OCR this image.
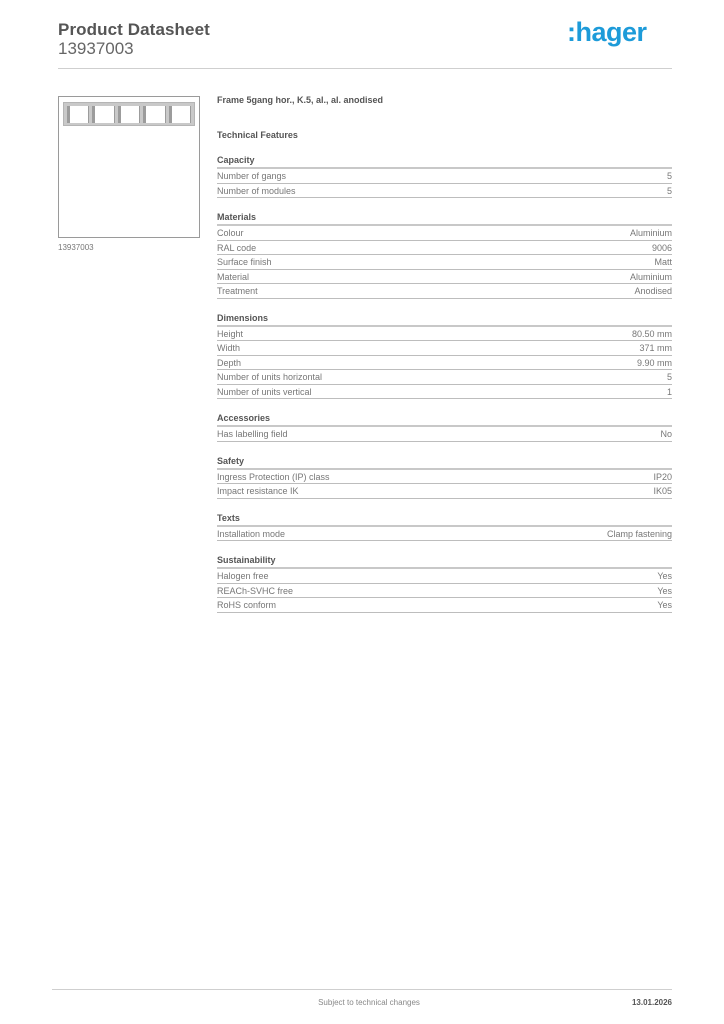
Product Datasheet
13937003
:hager
13937003
Frame 5gang hor., K.5, al., al. anodised
Technical Features
Capacity
Number of gangs	5
Number of modules	5
Materials
Colour	Aluminium
RAL code	9006
Surface finish	Matt
Material	Aluminium
Treatment	Anodised
Dimensions
Height	80.50 mm
Width	371 mm
Depth	9.90 mm
Number of units horizontal	5
Number of units vertical	1
Accessories
Has labelling field	No
Safety
Ingress Protection (IP) class	IP20
Impact resistance IK	IK05
Texts
Installation mode	Clamp fastening
Sustainability
Halogen free	Yes
REACh-SVHC free	Yes
RoHS conform	Yes
Subject to technical changes	13.01.2026
